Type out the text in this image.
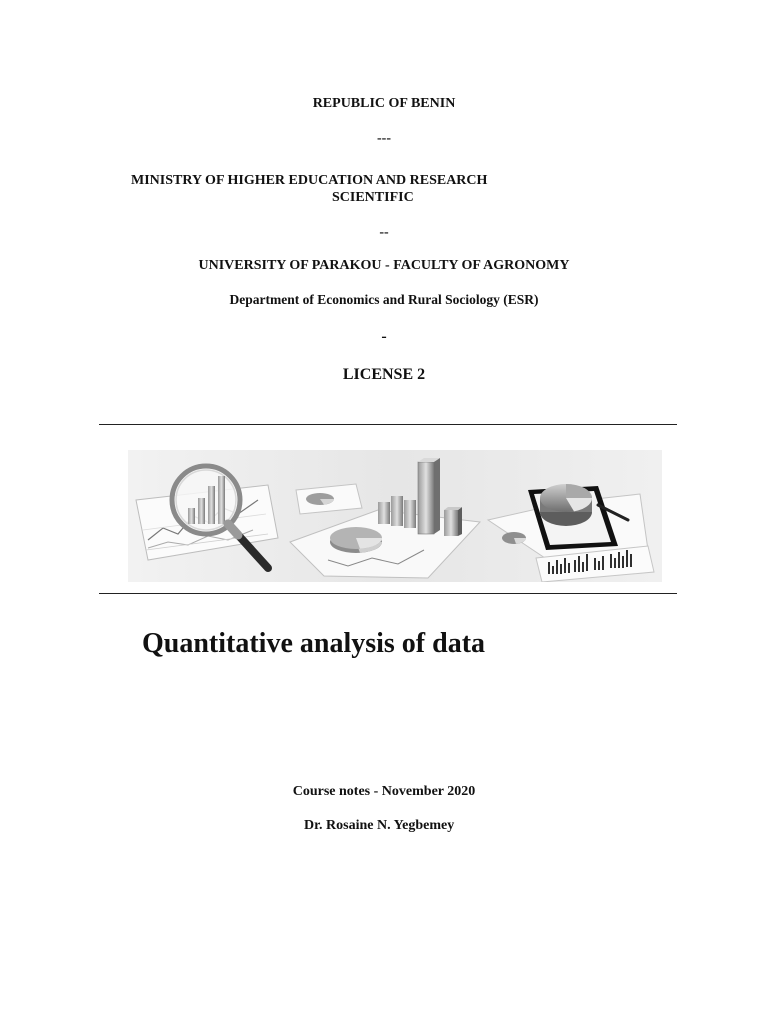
REPUBLIC OF BENIN
---
MINISTRY OF HIGHER EDUCATION AND RESEARCH
SCIENTIFIC
--
UNIVERSITY OF PARAKOU - FACULTY OF AGRONOMY
Department of Economics and Rural Sociology (ESR)
-
LICENSE 2
Quantitative analysis of data
Course notes - November 2020
Dr. Rosaine N. Yegbemey
